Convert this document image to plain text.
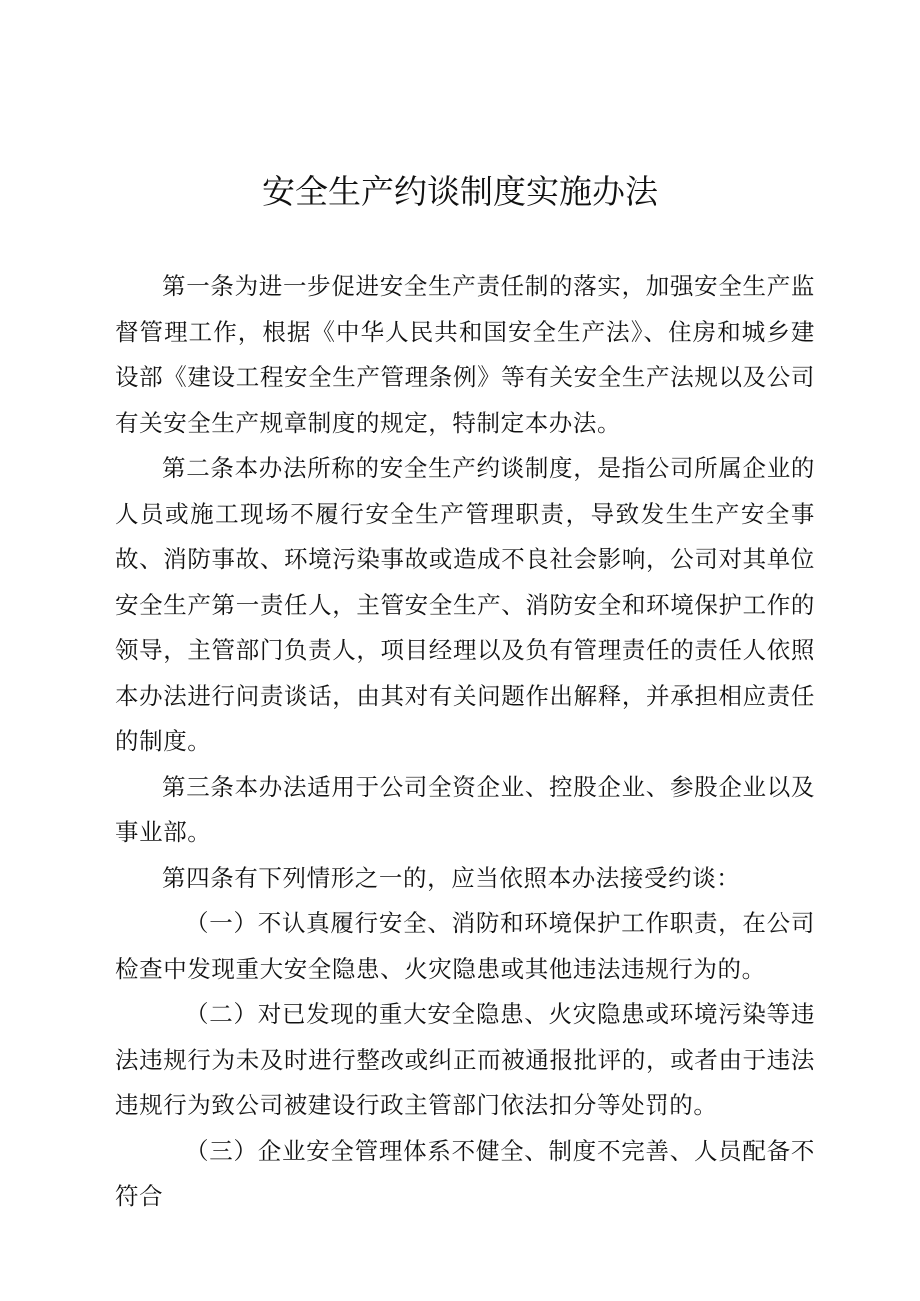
安全生产约谈制度实施办法

第一条为进一步促进安全生产责任制的落实，加强安全生产监督管理工作，根据《中华人民共和国安全生产法》、住房和城乡建设部《建设工程安全生产管理条例》等有关安全生产法规以及公司有关安全生产规章制度的规定，特制定本办法。

第二条本办法所称的安全生产约谈制度，是指公司所属企业的人员或施工现场不履行安全生产管理职责，导致发生生产安全事故、消防事故、环境污染事故或造成不良社会影响，公司对其单位安全生产第一责任人，主管安全生产、消防安全和环境保护工作的领导，主管部门负责人，项目经理以及负有管理责任的责任人依照本办法进行问责谈话，由其对有关问题作出解释，并承担相应责任的制度。

第三条本办法适用于公司全资企业、控股企业、参股企业以及事业部。

第四条有下列情形之一的，应当依照本办法接受约谈：

（一）不认真履行安全、消防和环境保护工作职责，在公司检查中发现重大安全隐患、火灾隐患或其他违法违规行为的。

（二）对已发现的重大安全隐患、火灾隐患或环境污染等违法违规行为未及时进行整改或纠正而被通报批评的，或者由于违法违规行为致公司被建设行政主管部门依法扣分等处罚的。

（三）企业安全管理体系不健全、制度不完善、人员配备不符合
